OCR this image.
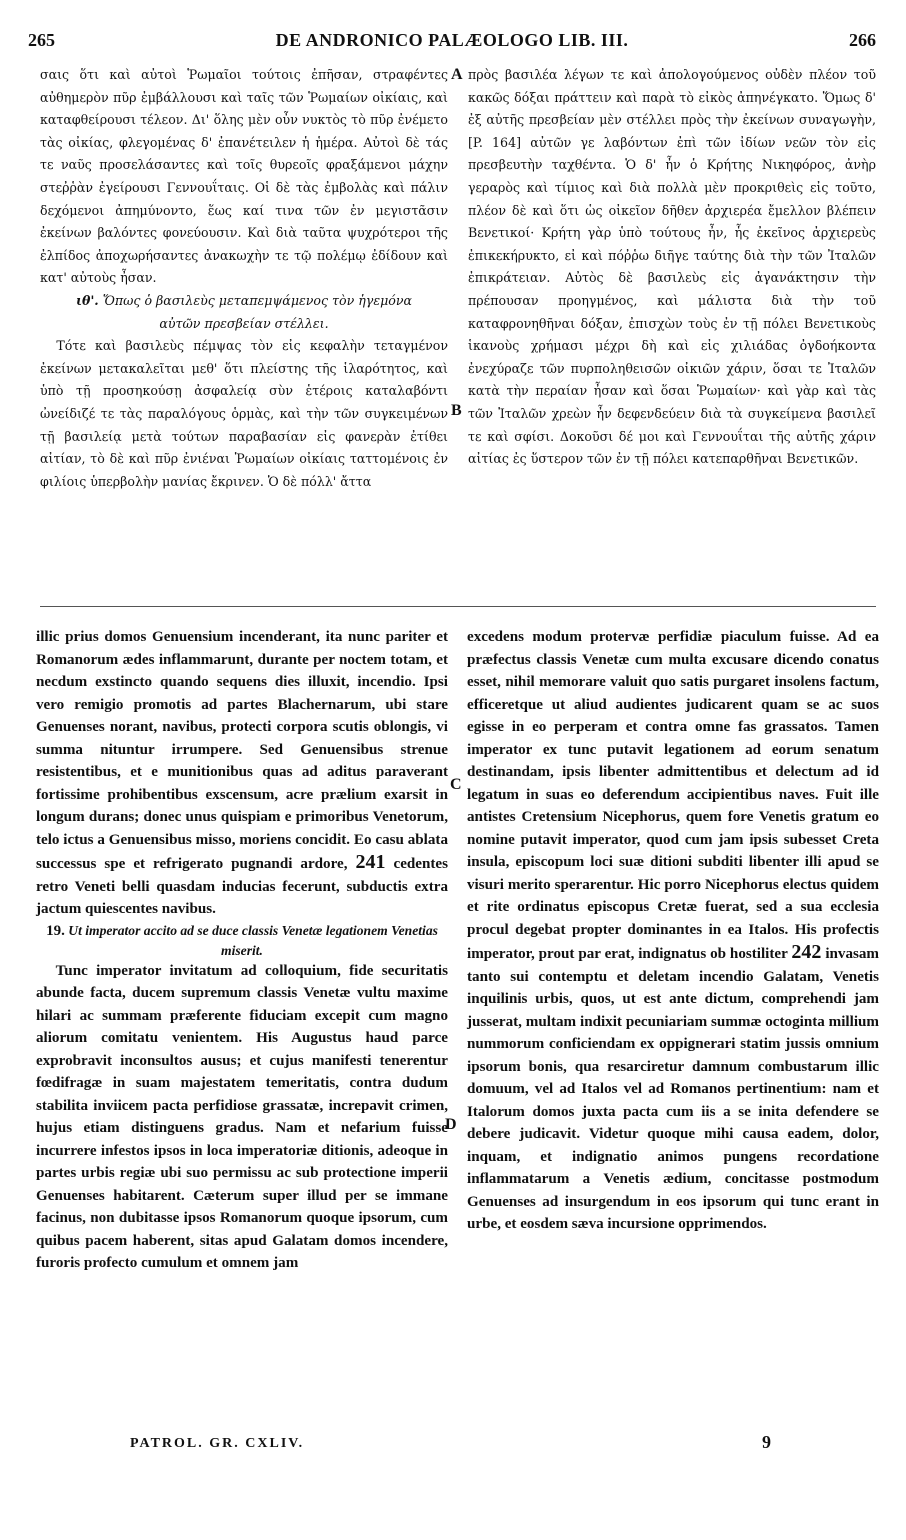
265	DE ANDRONICO PALÆOLOGO LIB. III.	266

σαις ὅτι καὶ αὐτοὶ Ῥωμαῖοι τούτοις ἐπῆσαν, στραφέντες αὐθημερὸν πῦρ ἐμβάλλουσι καὶ ταῖς τῶν Ῥωμαίων οἰκίαις, καὶ καταφθείρουσι τέλεον. Δι' ὅλης μὲν οὖν νυκτὸς τὸ πῦρ ἐνέμετο τὰς οἰκίας, φλεγομένας δ' ἐπανέτειλεν ἡ ἡμέρα. Αὐτοὶ δὲ τάς τε ναῦς προσελάσαντες καὶ τοῖς θυρεοῖς φραξάμενοι μάχην στεῤῥὰν ἐγείρουσι Γεννουΐταις. Οἱ δὲ τὰς ἐμβολὰς καὶ πάλιν δεχόμενοι ἀπημύνοντο, ἕως καί τινα τῶν ἐν μεγιστᾶσιν ἐκείνων βαλόντες φονεύουσιν. Καὶ διὰ ταῦτα ψυχρότεροι τῆς ἐλπίδος ἀποχωρήσαντες ἀνακωχὴν τε τῷ πολέμῳ ἐδίδουν καὶ κατ' αὐτοὺς ἦσαν.

ιθ'. Ὅπως ὁ βασιλεὺς μεταπεμψάμενος τὸν ἡγεμόνα αὐτῶν πρεσβείαν στέλλει.

Τότε καὶ βασιλεὺς πέμψας τὸν εἰς κεφαλὴν τεταγμένον ἐκείνων μετακαλεῖται μεθ' ὅτι πλείστης τῆς ἱλαρότητος, καὶ ὑπὸ τῇ προσηκούσῃ ἀσφαλείᾳ σὺν ἑτέροις καταλαβόντι ὠνείδιζέ τε τὰς παραλόγους ὁρμὰς, καὶ τὴν τῶν συγκειμένων τῇ βασιλείᾳ μετὰ τούτων παραβασίαν εἰς φανερὰν ἐτίθει αἰτίαν, τὸ δὲ καὶ πῦρ ἐνιέναι Ῥωμαίων οἰκίαις ταττομένοις ἐν φιλίοις ὑπερβολὴν μανίας ἔκρινεν. Ὁ δὲ πόλλ' ἄττα

πρὸς βασιλέα λέγων τε καὶ ἀπολογούμενος οὐδὲν πλέον τοῦ κακῶς δόξαι πράττειν καὶ παρὰ τὸ εἰκὸς ἀπηνέγκατο. Ὅμως δ' ἐξ αὐτῆς πρεσβείαν μὲν στέλλει πρὸς τὴν ἐκείνων συναγωγὴν, [P. 164] αὐτῶν γε λαβόντων ἐπὶ τῶν ἰδίων νεῶν τὸν εἰς πρεσβευτὴν ταχθέντα. Ὁ δ' ἦν ὁ Κρήτης Νικηφόρος, ἀνὴρ γεραρὸς καὶ τίμιος καὶ διὰ πολλὰ μὲν προκριθεὶς εἰς τοῦτο, πλέον δὲ καὶ ὅτι ὡς οἰκεῖον δῆθεν ἀρχιερέα ἔμελλον βλέπειν Βενετικοί· Κρήτη γὰρ ὑπὸ τούτους ἦν, ἧς ἐκεῖνος ἀρχιερεὺς ἐπικεκήρυκτο, εἰ καὶ πόῤῥω διῆγε ταύτης διὰ τὴν τῶν Ἰταλῶν ἐπικράτειαν. Αὐτὸς δὲ βασιλεὺς εἰς ἀγανάκτησιν τὴν πρέπουσαν προηγμένος, καὶ μάλιστα διὰ τὴν τοῦ καταφρονηθῆναι δόξαν, ἐπισχὼν τοὺς ἐν τῇ πόλει Βενετικοὺς ἱκανοὺς χρήμασι μέχρι δὴ καὶ εἰς χιλιάδας ὀγδοήκοντα ἐνεχύραζε τῶν πυρποληθεισῶν οἰκιῶν χάριν, ὅσαι τε Ἰταλῶν κατὰ τὴν περαίαν ἦσαν καὶ ὅσαι Ῥωμαίων· καὶ γὰρ καὶ τὰς τῶν Ἰταλῶν χρεὼν ἦν δεφενδεύειν διὰ τὰ συγκείμενα βασιλεῖ τε καὶ σφίσι. Δοκοῦσι δέ μοι καὶ Γεννουΐται τῆς αὐτῆς χάριν αἰτίας ἐς ὕστερον τῶν ἐν τῇ πόλει κατεπαρθῆναι Βενετικῶν.

A
B

illic prius domos Genuensium incenderant, ita nunc pariter et Romanorum ædes inflammarunt, durante per noctem totam, et necdum exstincto quando sequens dies illuxit, incendio. Ipsi vero remigio promotis ad partes Blachernarum, ubi stare Genuenses norant, navibus, protecti corpora scutis oblongis, vi summa nituntur irrumpere. Sed Genuensibus strenue resistentibus, et e munitionibus quas ad aditus paraverant fortissime prohibentibus exscensum, acre prælium exarsit in longum durans; donec unus quispiam e primoribus Venetorum, telo ictus a Genuensibus misso, moriens concidit. Eo casu ablata successus spe et refrigerato pugnandi ardore, 241 cedentes retro Veneti belli quasdam inducias fecerunt, subductis extra jactum quiescentes navibus.

19. Ut imperator accito ad se duce classis Venetæ legationem Venetias miserit.

Tunc imperator invitatum ad colloquium, fide securitatis abunde facta, ducem supremum classis Venetæ vultu maxime hilari ac summam præferente fiduciam excepit cum magno aliorum comitatu venientem. His Augustus haud parce exprobravit inconsultos ausus; et cujus manifesti tenerentur fœdifragæ in suam majestatem temeritatis, contra dudum stabilita inviicem pacta perfidiose grassatæ, increpavit crimen, hujus etiam distinguens gradus. Nam et nefarium fuisse incurrere infestos ipsos in loca imperatoriæ ditionis, adeoque in partes urbis regiæ ubi suo permissu ac sub protectione imperii Genuenses habitarent. Cæterum super illud per se immane facinus, non dubitasse ipsos Romanorum quoque ipsorum, cum quibus pacem haberent, sitas apud Galatam domos incendere, furoris profecto cumulum et omnem jam

excedens modum protervæ perfidiæ piaculum fuisse. Ad ea præfectus classis Venetæ cum multa excusare dicendo conatus esset, nihil memorare valuit quo satis purgaret insolens factum, efficeretque ut aliud audientes judicarent quam se ac suos egisse in eo perperam et contra omne fas grassatos. Tamen imperator ex tunc putavit legationem ad eorum senatum destinandam, ipsis libenter admittentibus et delectum ad id legatum in suas eo deferendum accipientibus naves. Fuit ille antistes Cretensium Nicephorus, quem fore Venetis gratum eo nomine putavit imperator, quod cum jam ipsis subesset Creta insula, episcopum loci suæ ditioni subditi libenter illi apud se visuri merito sperarentur. Hic porro Nicephorus electus quidem et rite ordinatus episcopus Cretæ fuerat, sed a sua ecclesia procul degebat propter dominantes in ea Italos. His profectis imperator, prout par erat, indignatus ob hostiliter 242 invasam tanto sui contemptu et deletam incendio Galatam, Venetis inquilinis urbis, quos, ut est ante dictum, comprehendi jam jusserat, multam indixit pecuniariam summæ octoginta millium nummorum conficiendam ex oppignerari statim jussis omnium ipsorum bonis, qua resarciretur damnum combustarum illic domuum, vel ad Italos vel ad Romanos pertinentium: nam et Italorum domos juxta pacta cum iis a se inita defendere se debere judicavit. Videtur quoque mihi causa eadem, dolor, inquam, et indignatio animos pungens recordatione inflammatarum a Venetis ædium, concitasse postmodum Genuenses ad insurgendum in eos ipsorum qui tunc erant in urbe, et eosdem sæva incursione opprimendos.

C
D
PATROL. GR. CXLIV.	9
